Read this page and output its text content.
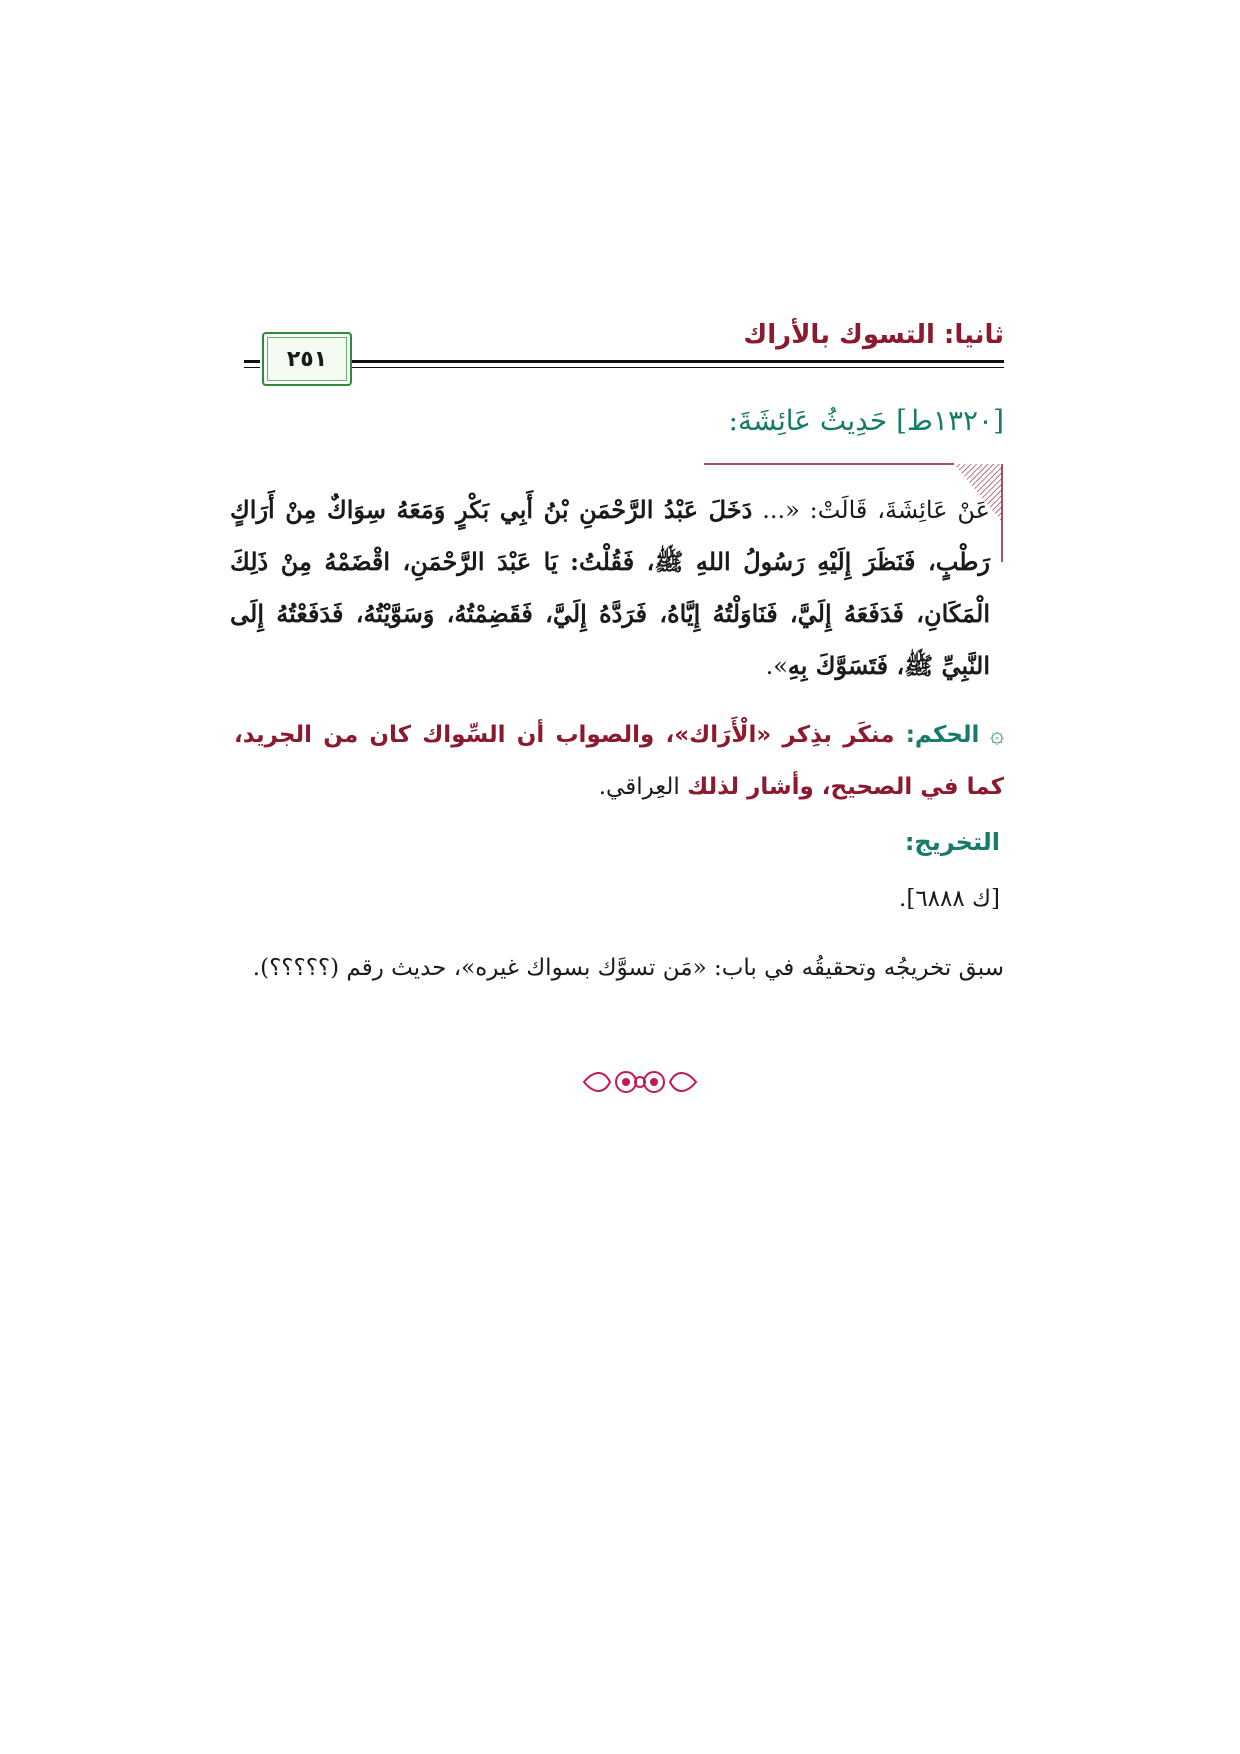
ثانيا: التسوك بالأراك
٢٥١
[١٣٢٠ط] حَدِيثُ عَائِشَةَ:
عَنْ عَائِشَةَ، قَالَتْ: «... دَخَلَ عَبْدُ الرَّحْمَنِ بْنُ أَبِي بَكْرٍ وَمَعَهُ سِوَاكٌ مِنْ أَرَاكٍ رَطْبٍ، فَنَظَرَ إِلَيْهِ رَسُولُ اللهِ ﷺ، فَقُلْتُ: يَا عَبْدَ الرَّحْمَنِ، اقْضَمْهُ مِنْ ذَلِكَ الْمَكَانِ، فَدَفَعَهُ إِلَيَّ، فَنَاوَلْتُهُ إِيَّاهُ، فَرَدَّهُ إِلَيَّ، فَقَضِمْتُهُ، وَسَوَّيْتُهُ، فَدَفَعْتُهُ إِلَى النَّبِيِّ ﷺ، فَتَسَوَّكَ بِهِ».
۞ الحكم: منكَر بذِكر «الْأَرَاك»، والصواب أن السِّواك كان من الجريد، كما في الصحيح، وأشار لذلك العِراقي.
التخريج:
[ك ٦٨٨٨].
سبق تخريجُه وتحقيقُه في باب: «مَن تسوَّك بسواك غيره»، حديث رقم (؟؟؟؟؟).
